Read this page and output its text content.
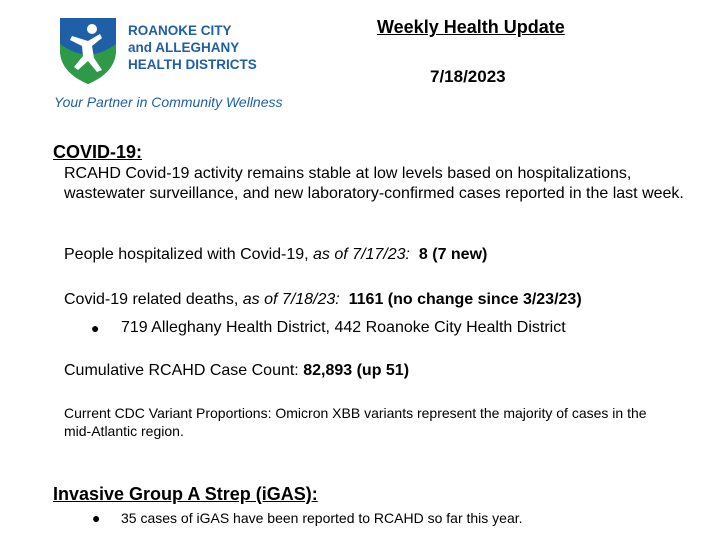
ROANOKE CITY
and ALLEGHANY
HEALTH DISTRICTS
Your Partner in Community Wellness
Weekly Health Update
7/18/2023
COVID-19:
RCAHD Covid-19 activity remains stable at low levels based on hospitalizations, wastewater surveillance, and new laboratory-confirmed cases reported in the last week.
People hospitalized with Covid-19, as of 7/17/23: 8 (7 new)
Covid-19 related deaths, as of 7/18/23: 1161 (no change since 3/23/23)
● 719 Alleghany Health District, 442 Roanoke City Health District
Cumulative RCAHD Case Count: 82,893 (up 51)
Current CDC Variant Proportions: Omicron XBB variants represent the majority of cases in the mid-Atlantic region.
Invasive Group A Strep (iGAS):
● 35 cases of iGAS have been reported to RCAHD so far this year.
